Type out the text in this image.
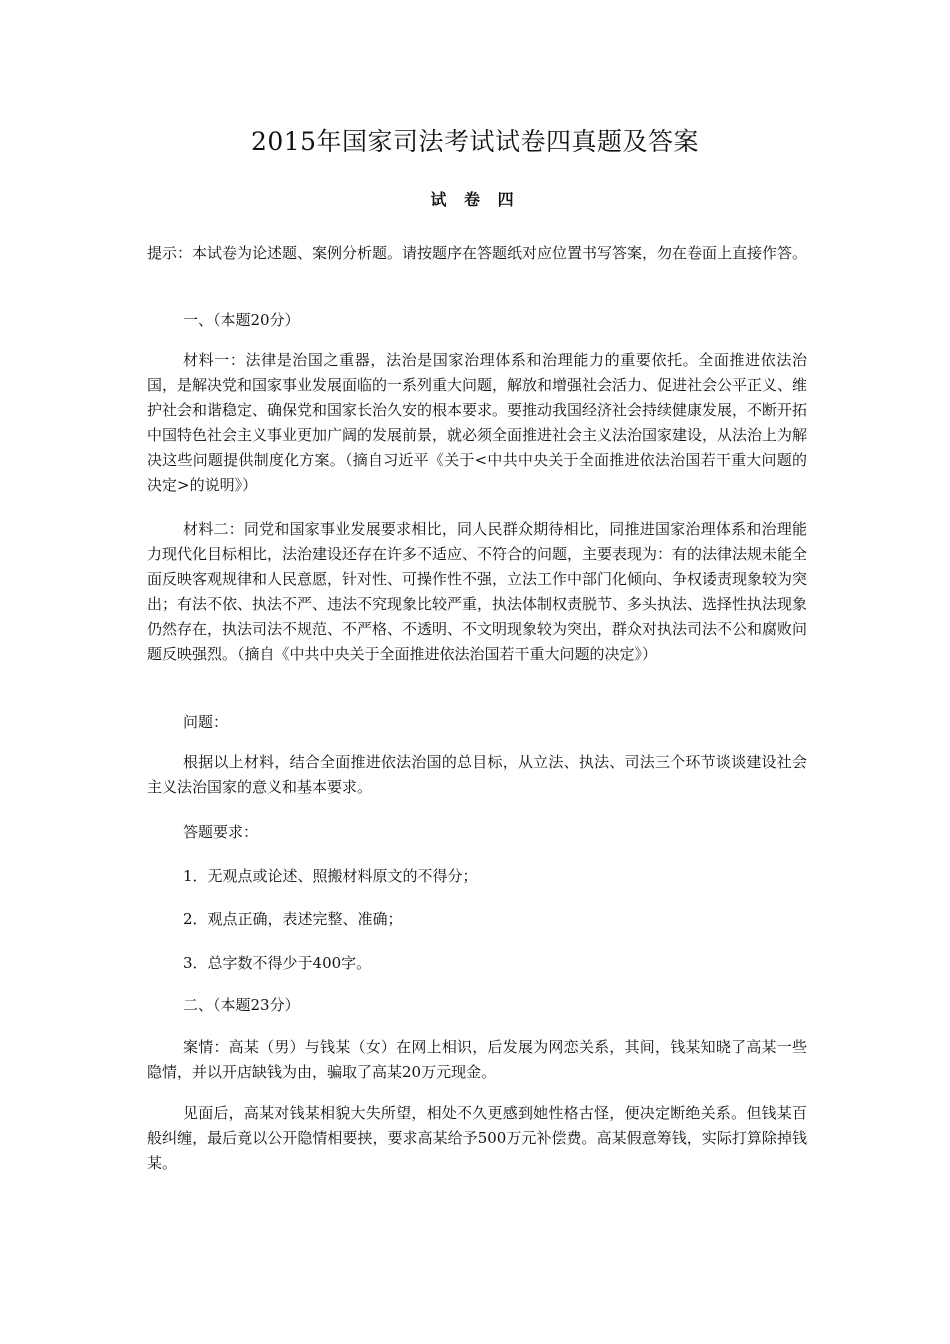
2015年国家司法考试试卷四真题及答案
试 卷 四
提示：本试卷为论述题、案例分析题。请按题序在答题纸对应位置书写答案，勿在卷面上直接作答。

一、（本题20分）

材料一：法律是治国之重器，法治是国家治理体系和治理能力的重要依托。全面推进依法治国，是解决党和国家事业发展面临的一系列重大问题，解放和增强社会活力、促进社会公平正义、维护社会和谐稳定、确保党和国家长治久安的根本要求。要推动我国经济社会持续健康发展，不断开拓中国特色社会主义事业更加广阔的发展前景，就必须全面推进社会主义法治国家建设，从法治上为解决这些问题提供制度化方案。（摘自习近平《关于<中共中央关于全面推进依法治国若干重大问题的决定>的说明》）

材料二：同党和国家事业发展要求相比，同人民群众期待相比，同推进国家治理体系和治理能力现代化目标相比，法治建设还存在许多不适应、不符合的问题，主要表现为：有的法律法规未能全面反映客观规律和人民意愿，针对性、可操作性不强，立法工作中部门化倾向、争权诿责现象较为突出；有法不依、执法不严、违法不究现象比较严重，执法体制权责脱节、多头执法、选择性执法现象仍然存在，执法司法不规范、不严格、不透明、不文明现象较为突出，群众对执法司法不公和腐败问题反映强烈。（摘自《中共中央关于全面推进依法治国若干重大问题的决定》）

问题：

根据以上材料，结合全面推进依法治国的总目标，从立法、执法、司法三个环节谈谈建设社会主义法治国家的意义和基本要求。

答题要求：

1．无观点或论述、照搬材料原文的不得分；

2．观点正确，表述完整、准确；

3．总字数不得少于400字。

二、（本题23分）

案情：高某（男）与钱某（女）在网上相识，后发展为网恋关系，其间，钱某知晓了高某一些隐情，并以开店缺钱为由，骗取了高某20万元现金。

见面后，高某对钱某相貌大失所望，相处不久更感到她性格古怪，便决定断绝关系。但钱某百般纠缠，最后竟以公开隐情相要挟，要求高某给予500万元补偿费。高某假意筹钱，实际打算除掉钱某。
